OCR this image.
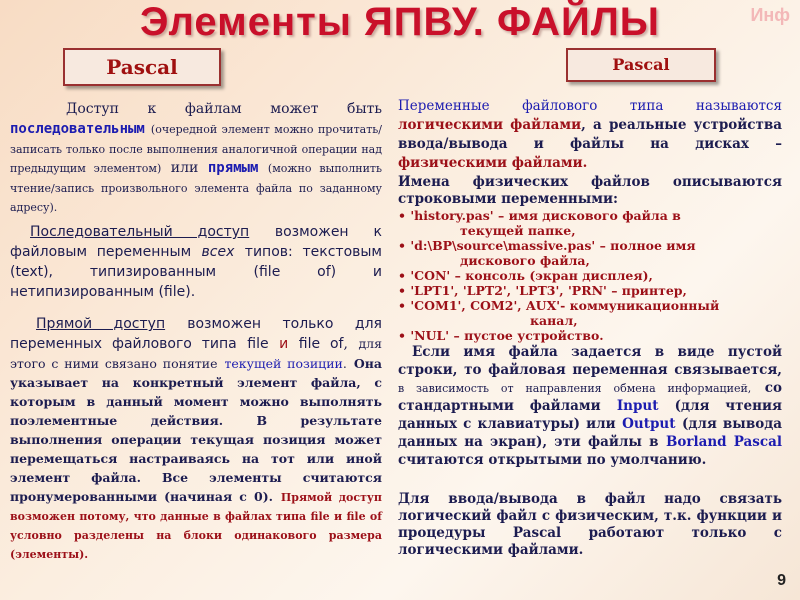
Элементы ЯПВУ. ФАЙЛЫ	Инф
Pascal	Pascal

Доступ к файлам может быть последовательным (очередной элемент можно прочитать/записать только после выполнения аналогичной операции над предыдущим элементом) или прямым (можно выполнить чтение/запись произвольного элемента файла по заданному адресу).

Последовательный доступ возможен к файловым переменным всех типов: текстовым (text), типизированным	(file of) и нетипизированным (file).

Прямой доступ возможен только для переменных файлового типа file и file of, для этого с ними связано понятие текущей позиции. Она указывает на конкретный элемент файла, с которым в данный момент можно выполнять поэлементные действия. В результате выполнения операции текущая позиция может перемещаться настраиваясь на тот или иной элемент файла. Все элементы считаются пронумерованными (начиная с 0). Прямой доступ возможен потому, что данные в файлах типа file и file of условно разделены на блоки одинакового размера (элементы).

Переменные файлового типа называются логическими файлами, а реальные устройства ввода/вывода и файлы на дисках – физическими файлами.

Имена физических файлов описываются строковыми переменными:

• 'history.pas' – имя дискового файла в
текущей папке,
• 'd:\BP\source\massive.pas' – полное имя
дискового файла,
• 'CON' – консоль (экран дисплея),
• 'LPT1', 'LPT2', 'LPT3', 'PRN' – принтер,
• 'COM1', COM2', AUX'- коммуникационный
канал,
• 'NUL' – пустое устройство.

Если имя файла задается в виде пустой строки, то файловая переменная связывается, в зависимость от направления обмена информацией, со стандартными файлами Input (для чтения данных с клавиатуры) или Output (для вывода данных на экран), эти файлы в Borland Pascal считаются открытыми по умолчанию.

Для ввода/вывода в файл надо связать логический файл с физическим, т.к. функции и процедуры Pascal работают только с логическими файлами.

9
